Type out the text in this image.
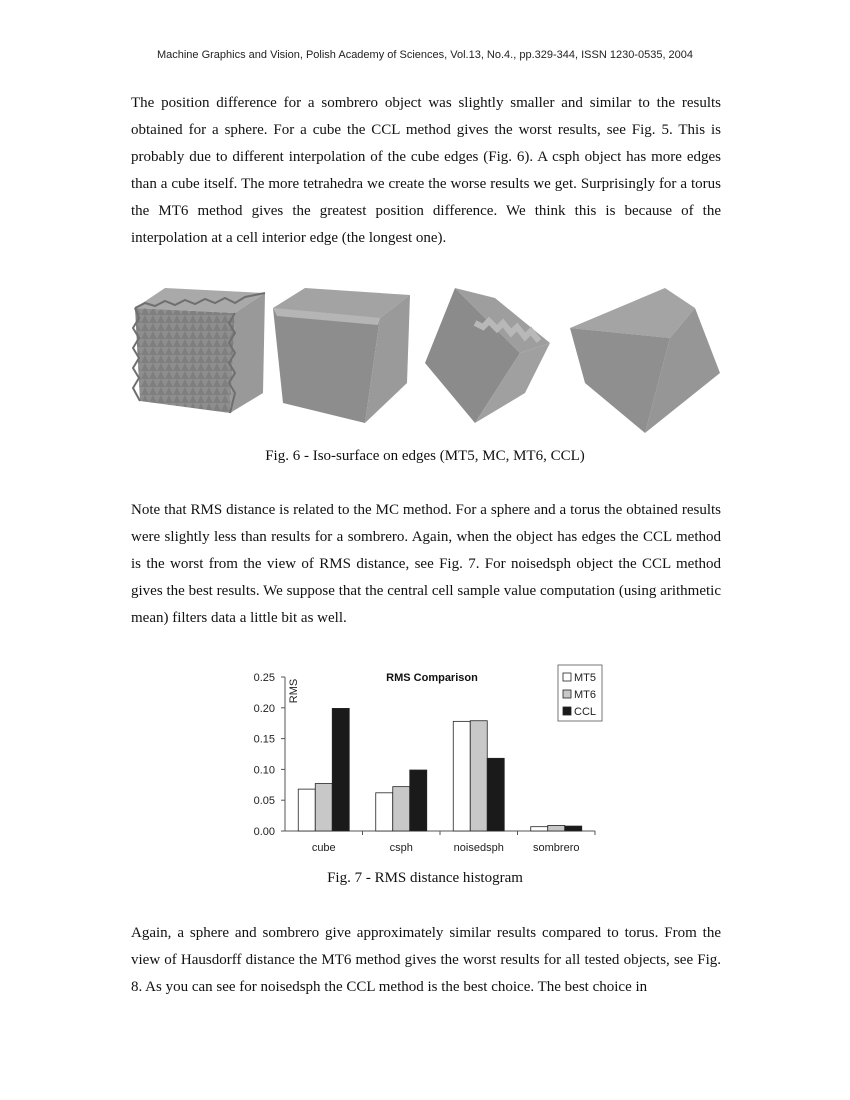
Machine Graphics and Vision, Polish Academy of Sciences, Vol.13, No.4., pp.329-344, ISSN 1230-0535, 2004

The position difference for a sombrero object was slightly smaller and similar to the results obtained for a sphere. For a cube the CCL method gives the worst results, see Fig. 5. This is probably due to different interpolation of the cube edges (Fig. 6). A csph object has more edges than a cube itself. The more tetrahedra we create the worse results we get. Surprisingly for a torus the MT6 method gives the greatest position difference. We think this is because of the interpolation at a cell interior edge (the longest one).

Fig. 6 - Iso-surface on edges (MT5, MC, MT6, CCL)

Note that RMS distance is related to the MC method. For a sphere and a torus the obtained results were slightly less than results for a sombrero. Again, when the object has edges the CCL method is the worst from the view of RMS distance, see Fig. 7. For noisedsph object the CCL method gives the best results. We suppose that the central cell sample value computation (using arithmetic mean) filters data a little bit as well.

0.00
0.05
0.10
0.15
0.20
0.25
RMS
RMS Comparison
cube	csph	noisedsph	sombrero
MT5
MT6
CCL
Fig. 7 - RMS distance histogram

Again, a sphere and sombrero give approximately similar results compared to torus. From the view of Hausdorff distance the MT6 method gives the worst results for all tested objects, see Fig. 8. As you can see for noisedsph the CCL method is the best choice. The best choice in
